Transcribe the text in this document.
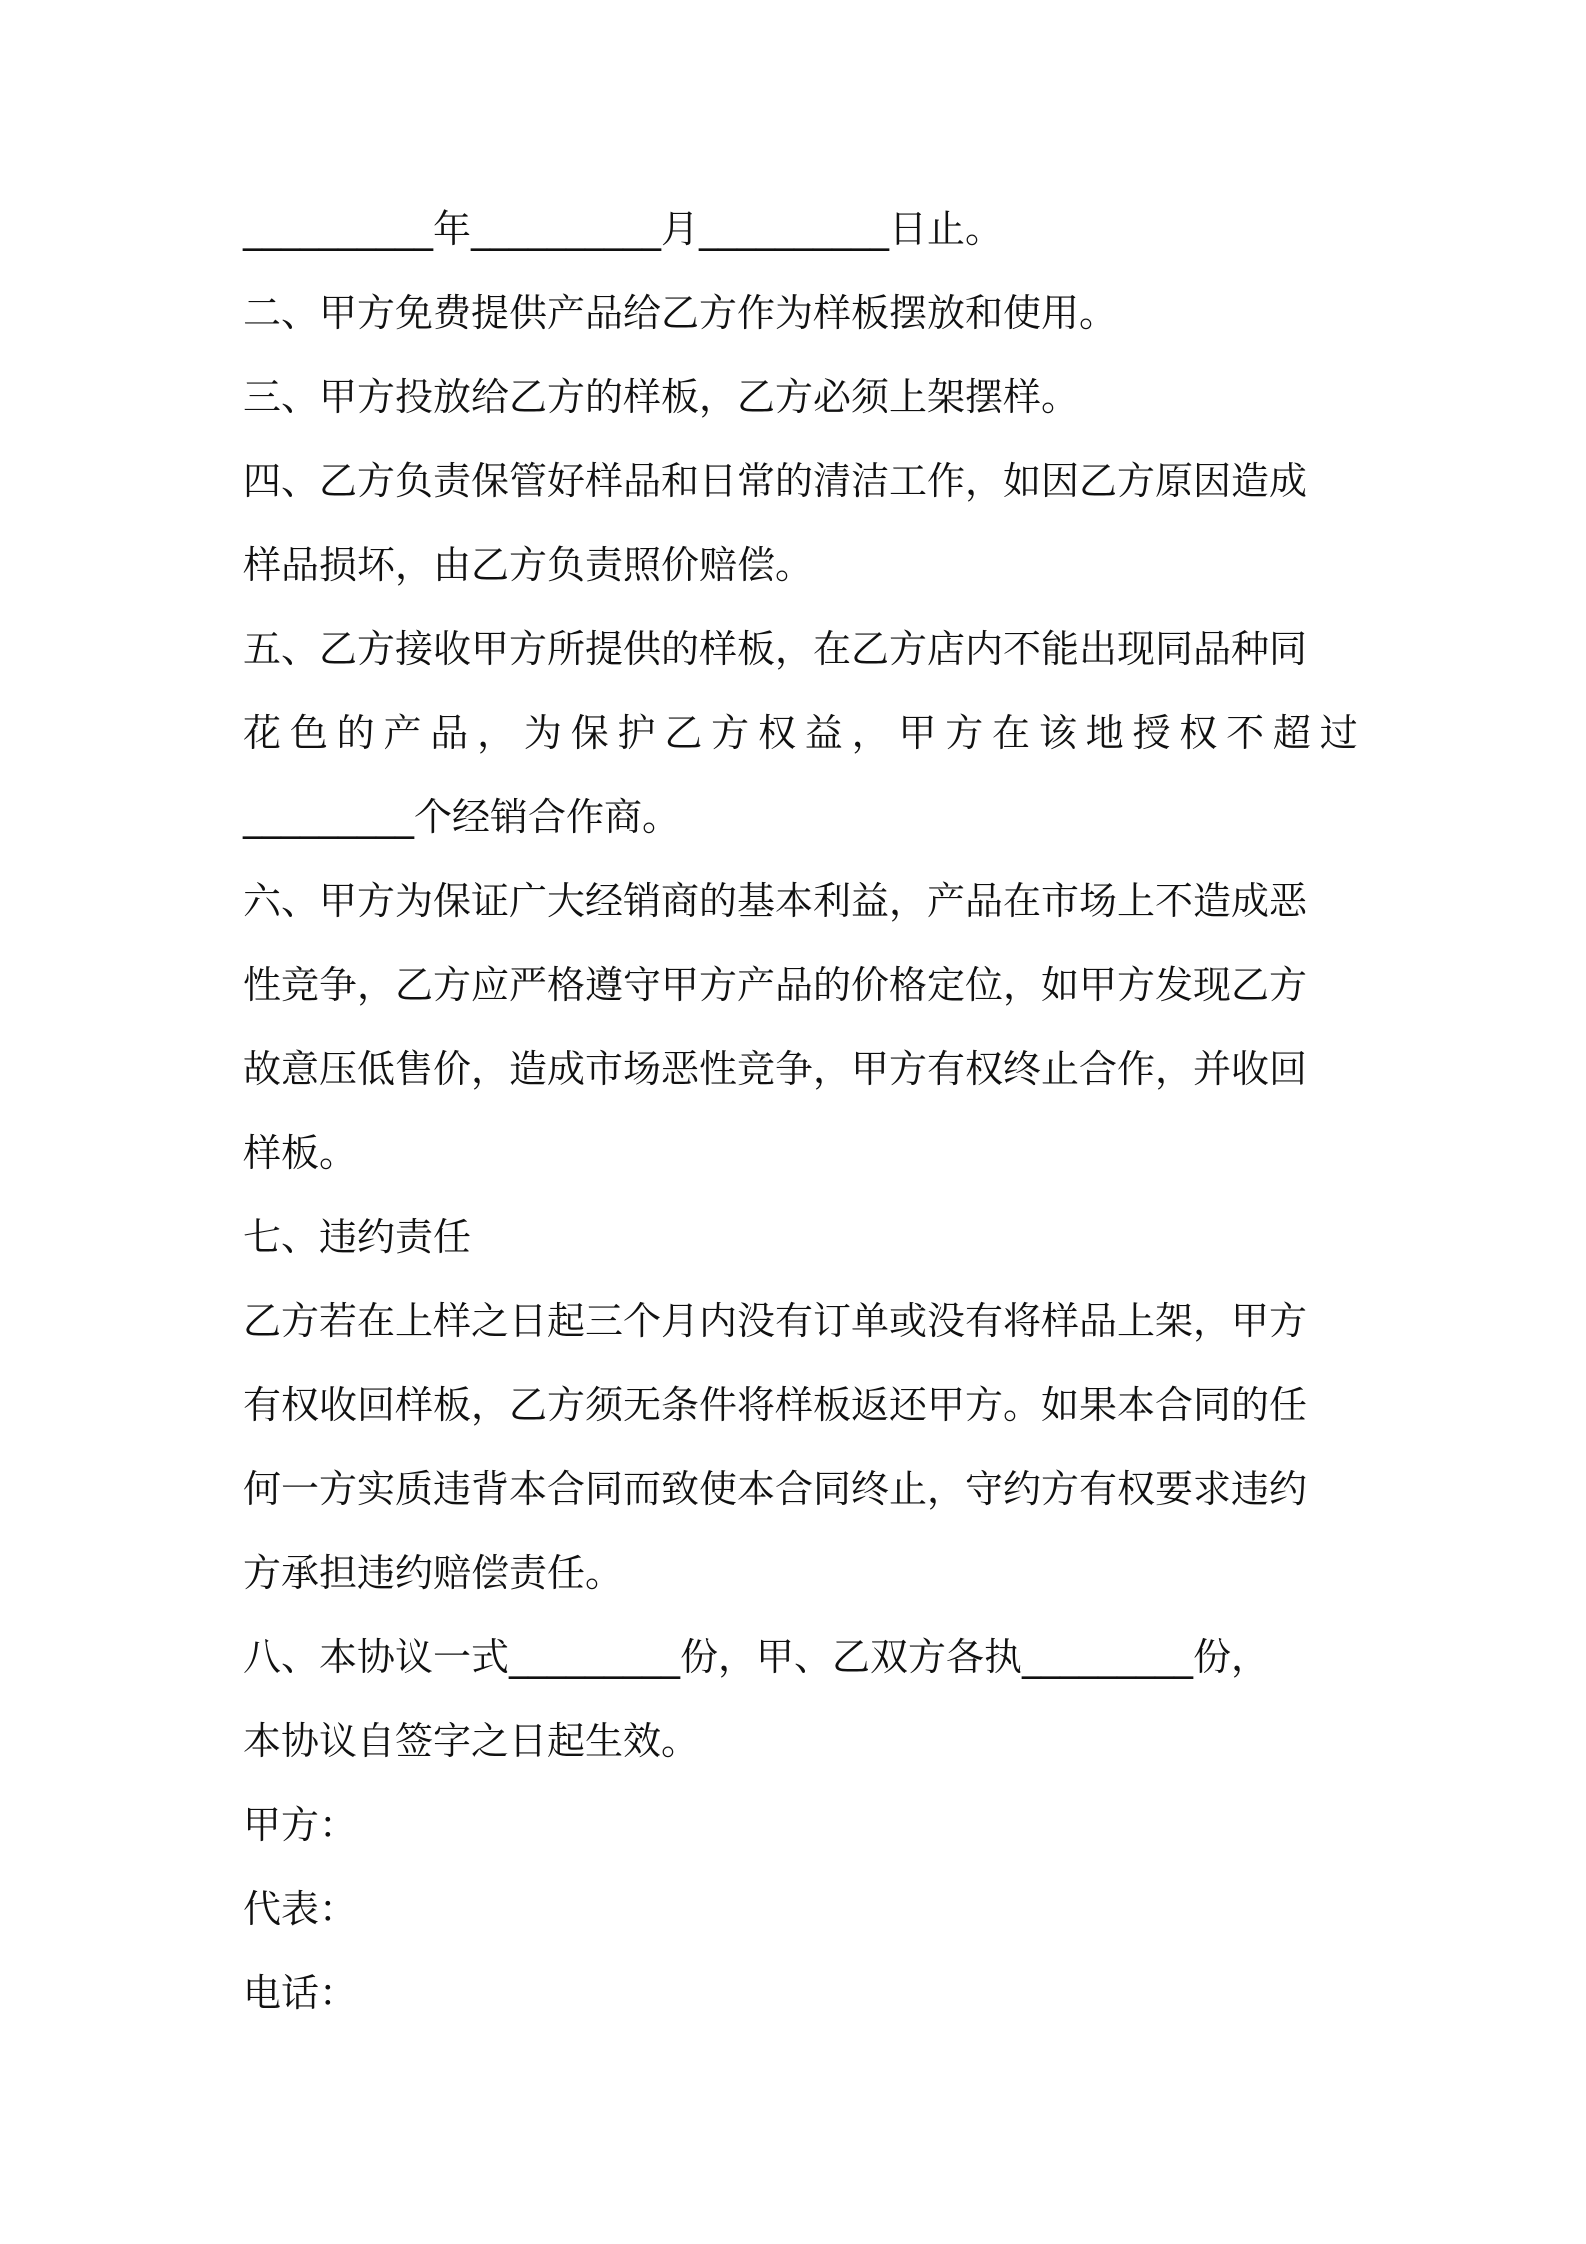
__________年__________月__________日止。
二、甲方免费提供产品给乙方作为样板摆放和使用。
三、甲方投放给乙方的样板，乙方必须上架摆样。
四、乙方负责保管好样品和日常的清洁工作，如因乙方原因造成
样品损坏，由乙方负责照价赔偿。
五、乙方接收甲方所提供的样板，在乙方店内不能出现同品种同
花 色 的 产 品 ， 为 保 护 乙 方 权 益 ， 甲 方 在 该 地 授 权 不 超 过
_________个经销合作商。
六、甲方为保证广大经销商的基本利益，产品在市场上不造成恶
性竞争，乙方应严格遵守甲方产品的价格定位，如甲方发现乙方
故意压低售价，造成市场恶性竞争，甲方有权终止合作，并收回
样板。
七、违约责任
乙方若在上样之日起三个月内没有订单或没有将样品上架，甲方
有权收回样板，乙方须无条件将样板返还甲方。如果本合同的任
何一方实质违背本合同而致使本合同终止，守约方有权要求违约
方承担违约赔偿责任。
八、本协议一式_________份，甲、乙双方各执_________份，
本协议自签字之日起生效。
甲方：
代表：
电话：
